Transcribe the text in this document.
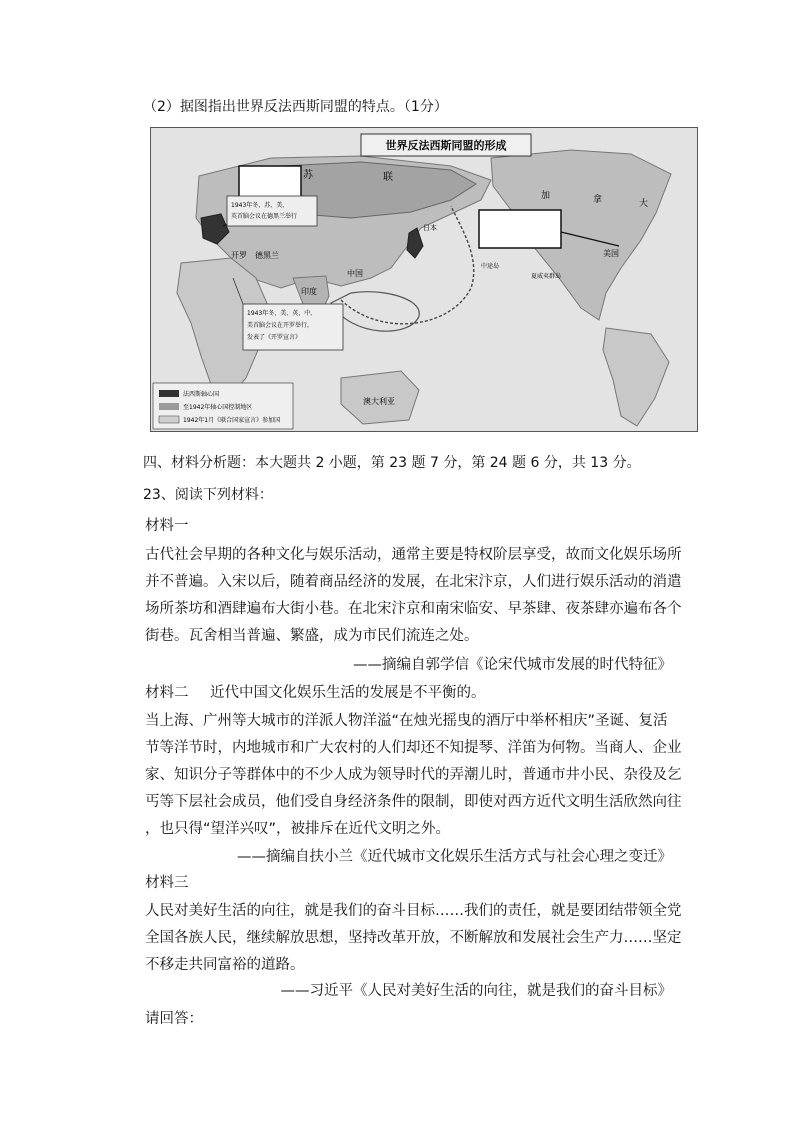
（2）据图指出世界反法西斯同盟的特点。（1分）
世界反法西斯同盟的形成
苏	联
印度
中国
澳大利亚
开罗 德黑兰
加	拿	大
美国
日本
中途岛
夏威夷群岛
1943年冬，苏、美、
英首脑会议在德黑兰举行
1943年冬，美、英、中、
美首脑会议在开罗举行，
发表了《开罗宣言》
法西斯轴心国
至1942年轴心国控制地区
1942年1月《联合国家宣言》参加国
四、材料分析题：本大题共 2 小题，第 23 题 7 分，第 24 题 6 分，共 13 分。
23、阅读下列材料：
材料一
古代社会早期的各种文化与娱乐活动，通常主要是特权阶层享受，故而文化娱乐场所
并不普遍。入宋以后，随着商品经济的发展，在北宋汴京，人们进行娱乐活动的消遣
场所茶坊和酒肆遍布大街小巷。在北宋汴京和南宋临安、早茶肆、夜茶肆亦遍布各个
街巷。瓦舍相当普遍、繁盛，成为市民们流连之处。
——摘编自郭学信《论宋代城市发展的时代特征》
材料二 近代中国文化娱乐生活的发展是不平衡的。
当上海、广州等大城市的洋派人物洋溢“在烛光摇曳的酒厅中举杯相庆”圣诞、复活
节等洋节时，内地城市和广大农村的人们却还不知提琴、洋笛为何物。当商人、企业
家、知识分子等群体中的不少人成为领导时代的弄潮儿时，普通市井小民、杂役及乞
丐等下层社会成员，他们受自身经济条件的限制，即使对西方近代文明生活欣然向往
，也只得“望洋兴叹”，被排斥在近代文明之外。
——摘编自扶小兰《近代城市文化娱乐生活方式与社会心理之变迁》
材料三
人民对美好生活的向往，就是我们的奋斗目标……我们的责任，就是要团结带领全党
全国各族人民，继续解放思想，坚持改革开放，不断解放和发展社会生产力……坚定
不移走共同富裕的道路。
——习近平《人民对美好生活的向往，就是我们的奋斗目标》
请回答：
